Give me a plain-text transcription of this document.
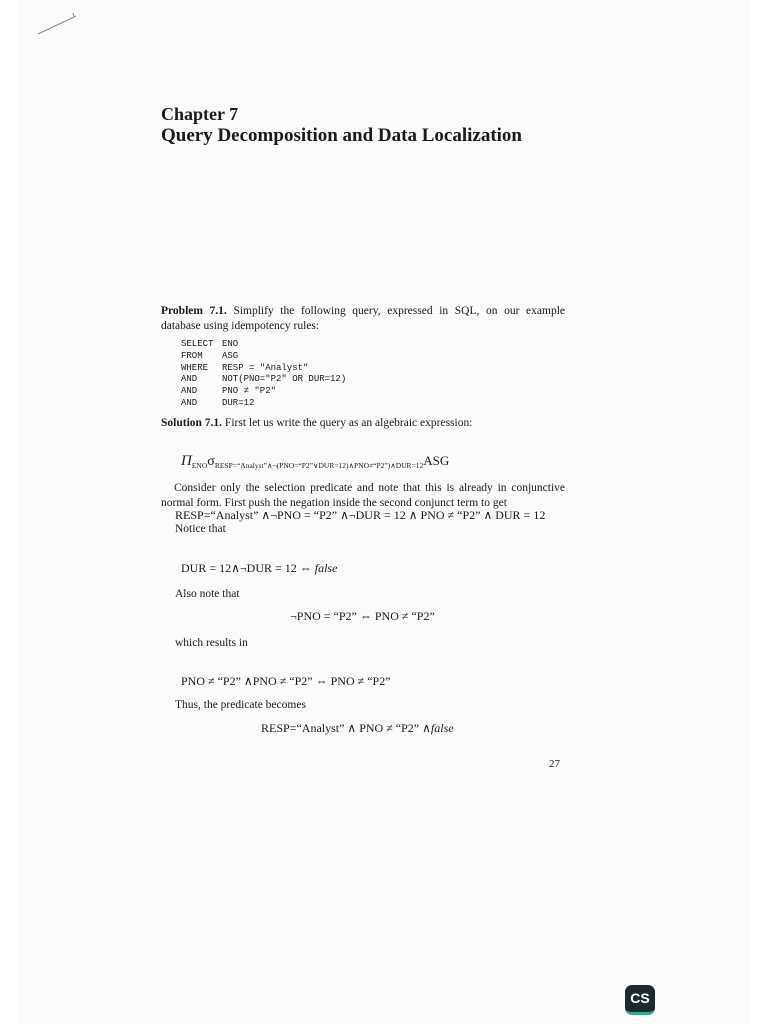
Chapter 7
Query Decomposition and Data Localization
Problem 7.1. Simplify the following query, expressed in SQL, on our example database using idempotency rules:
SELECT ENO
FROM	ASG
WHERE	RESP = "Analyst"
AND	NOT(PNO="P2" OR DUR=12)
AND	PNO ≠ "P2"
AND	DUR=12
Solution 7.1. First let us write the query as an algebraic expression:
$\Pi_{ENO}\sigma_{RESP=“Analyst”\wedge\neg(PNO=“P2”\vee DUR=12)\wedge PNO\ne“P2”)\wedge DUR=12}ASG$
Consider only the selection predicate and note that this is already in conjunctive normal form. First push the negation inside the second conjunct term to get
RESP=“Analyst” ∧¬PNO = “P2” ∧¬DUR = 12 ∧ PNO ≠ “P2” ∧ DUR = 12
Notice that
DUR = 12∧¬DUR = 12 ⇔ false
Also note that
¬PNO = “P2” ⇔ PNO ≠ “P2”
which results in
PNO ≠ “P2” ∧PNO ≠ “P2” ⇔ PNO ≠ “P2”
Thus, the predicate becomes
RESP=“Analyst” ∧ PNO ≠ “P2” ∧false
27
CS
